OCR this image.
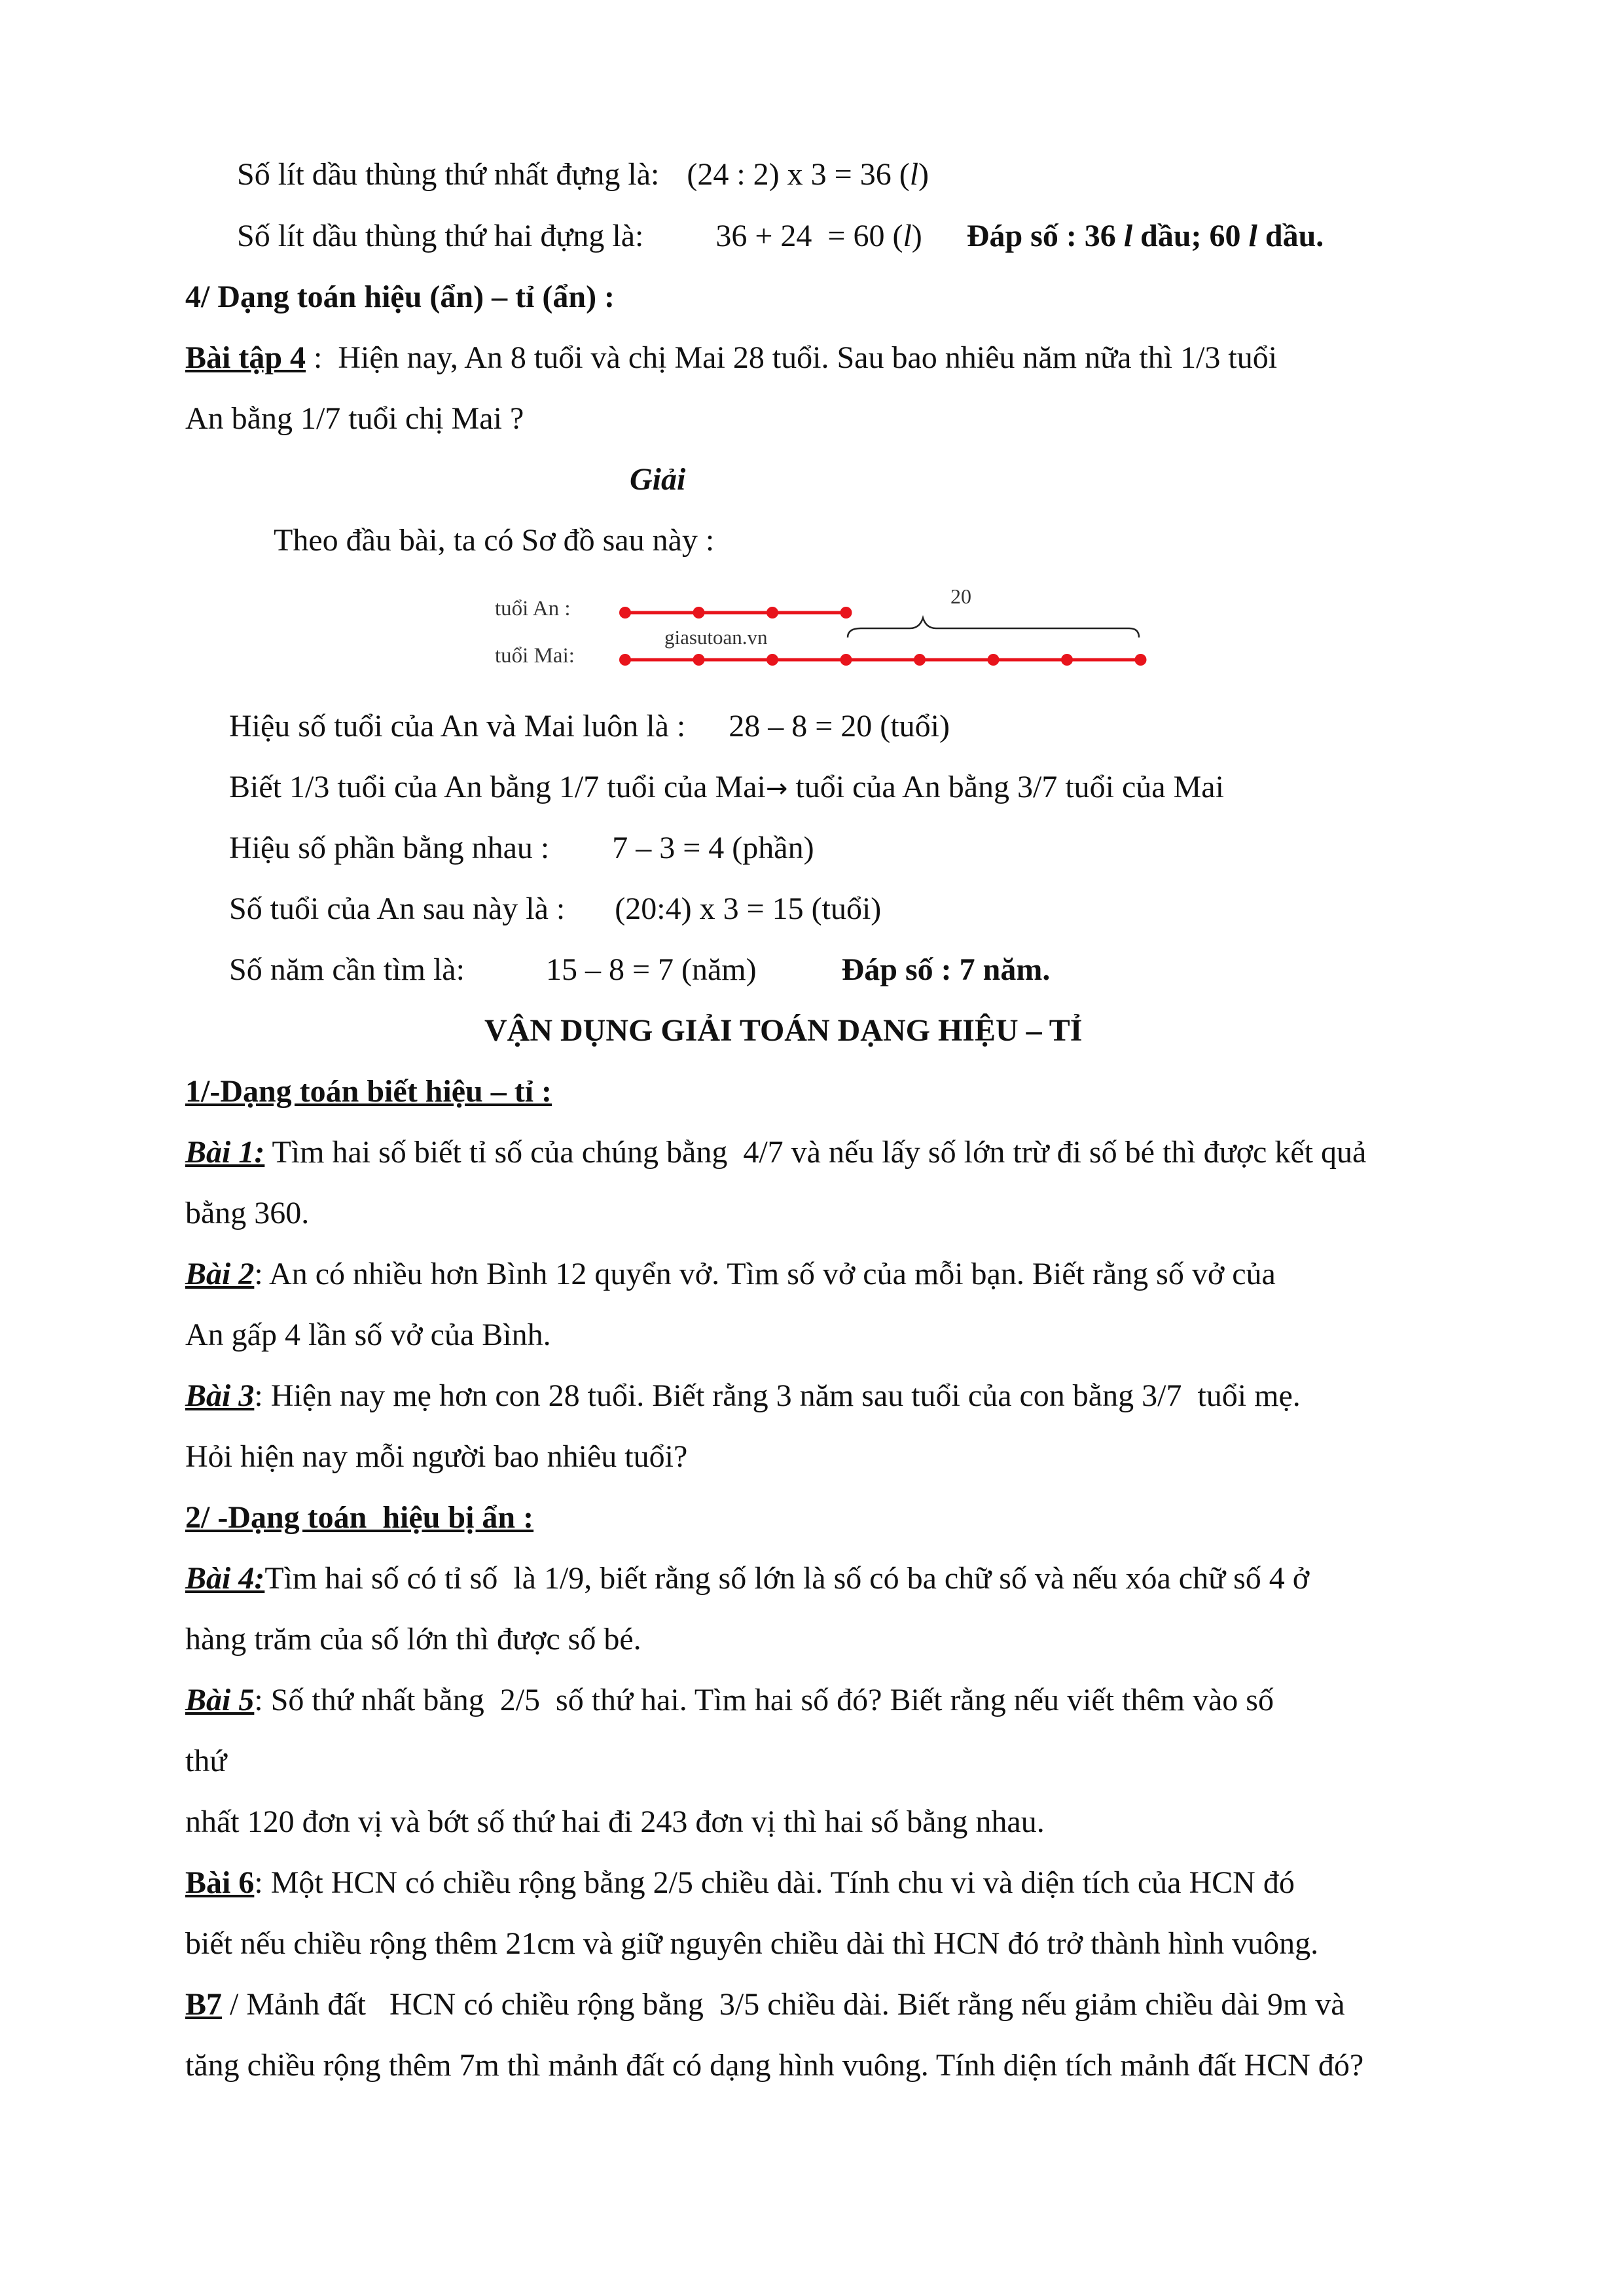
Số lít dầu thùng thứ nhất đựng là: (24 : 2) x 3 = 36 (l)
Số lít dầu thùng thứ hai đựng là: 36 + 24  = 60 (l) Đáp số : 36 l dầu; 60 l dầu.
4/ Dạng toán hiệu (ẩn) – tỉ (ẩn) :
Bài tập 4 :  Hiện nay, An 8 tuổi và chị Mai 28 tuổi. Sau bao nhiêu năm nữa thì 1/3 tuổi
An bằng 1/7 tuổi chị Mai ?
Giải
Theo đầu bài, ta có Sơ đồ sau này :
tuổi An :
tuổi Mai:
20
giasutoan.vn
Hiệu số tuổi của An và Mai luôn là : 28 – 8 = 20 (tuổi)
Biết 1/3 tuổi của An bằng 1/7 tuổi của Mai→ tuổi của An bằng 3/7 tuổi của Mai
Hiệu số phần bằng nhau : 7 – 3 = 4 (phần)
Số tuổi của An sau này là : (20:4) x 3 = 15 (tuổi)
Số năm cần tìm là:	15 – 8 = 7 (năm)	Đáp số : 7 năm.
VẬN DỤNG GIẢI TOÁN DẠNG HIỆU – TỈ
1/-Dạng toán biết hiệu – tỉ :
Bài 1: Tìm hai số biết tỉ số của chúng bằng  4/7 và nếu lấy số lớn trừ đi số bé thì được kết quả
bằng 360.
Bài 2: An có nhiều hơn Bình 12 quyển vở. Tìm số vở của mỗi bạn. Biết rằng số vở của
An gấp 4 lần số vở của Bình.
Bài 3: Hiện nay mẹ hơn con 28 tuổi. Biết rằng 3 năm sau tuổi của con bằng 3/7  tuổi mẹ.
Hỏi hiện nay mỗi người bao nhiêu tuổi?
2/ -Dạng toán  hiệu bị ẩn :
Bài 4:Tìm hai số có tỉ số  là 1/9, biết rằng số lớn là số có ba chữ số và nếu xóa chữ số 4 ở
hàng trăm của số lớn thì được số bé.
Bài 5: Số thứ nhất bằng  2/5  số thứ hai. Tìm hai số đó? Biết rằng nếu viết thêm vào số
thứ
nhất 120 đơn vị và bớt số thứ hai đi 243 đơn vị thì hai số bằng nhau.
Bài 6: Một HCN có chiều rộng bằng 2/5 chiều dài. Tính chu vi và diện tích của HCN đó
biết nếu chiều rộng thêm 21cm và giữ nguyên chiều dài thì HCN đó trở thành hình vuông.
B7 / Mảnh đất   HCN có chiều rộng bằng  3/5 chiều dài. Biết rằng nếu giảm chiều dài 9m và
tăng chiều rộng thêm 7m thì mảnh đất có dạng hình vuông. Tính diện tích mảnh đất HCN đó?
